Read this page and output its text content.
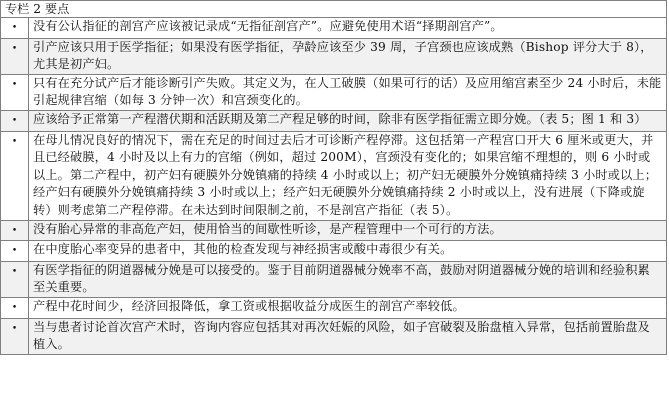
专栏 2 要点	
•	没有公认指征的剖宫产应该被记录成“无指征剖宫产”。应避免使用术语“择期剖宫产”。
•	引产应该只用于医学指征；如果没有医学指征，孕龄应该至少 39 周，子宫颈也应该成熟（Bishop 评分大于 8），尤其是初产妇。
•	只有在充分试产后才能诊断引产失败。其定义为，在人工破膜（如果可行的话）及应用缩宫素至少 24 小时后，未能引起规律宫缩（如每 3 分钟一次）和宫颈变化的。
•	应该给予正常第一产程潜伏期和活跃期及第二产程足够的时间，除非有医学指征需立即分娩。（表 5；图 1 和 3）
•	在母儿情况良好的情况下，需在充足的时间过去后才可诊断产程停滞。这包括第一产程宫口开大 6 厘米或更大，并且已经破膜，4 小时及以上有力的宫缩（例如，超过 200M），宫颈没有变化的；如果宫缩不理想的，则 6 小时或以上。第二产程中，初产妇有硬膜外分娩镇痛的持续 4 小时或以上；初产妇无硬膜外分娩镇痛持续 3 小时或以上；经产妇有硬膜外分娩镇痛持续 3 小时或以上；经产妇无硬膜外分娩镇痛持续 2 小时或以上，没有进展（下降或旋转）则考虑第二产程停滞。在未达到时间限制之前，不是剖宫产指征（表 5）。
•	没有胎心异常的非高危产妇，使用恰当的间歇性听诊，是产程管理中一个可行的方法。
•	在中度胎心率变异的患者中，其他的检查发现与神经损害或酸中毒很少有关。
•	有医学指征的阴道器械分娩是可以接受的。鉴于目前阴道器械分娩率不高，鼓励对阴道器械分娩的培训和经验积累至关重要。
•	产程中花时间少，经济回报降低，拿工资或根据收益分成医生的剖宫产率较低。
•	当与患者讨论首次宫产术时，咨询内容应包括其对再次妊娠的风险，如子宫破裂及胎盘植入异常，包括前置胎盘及植入。
